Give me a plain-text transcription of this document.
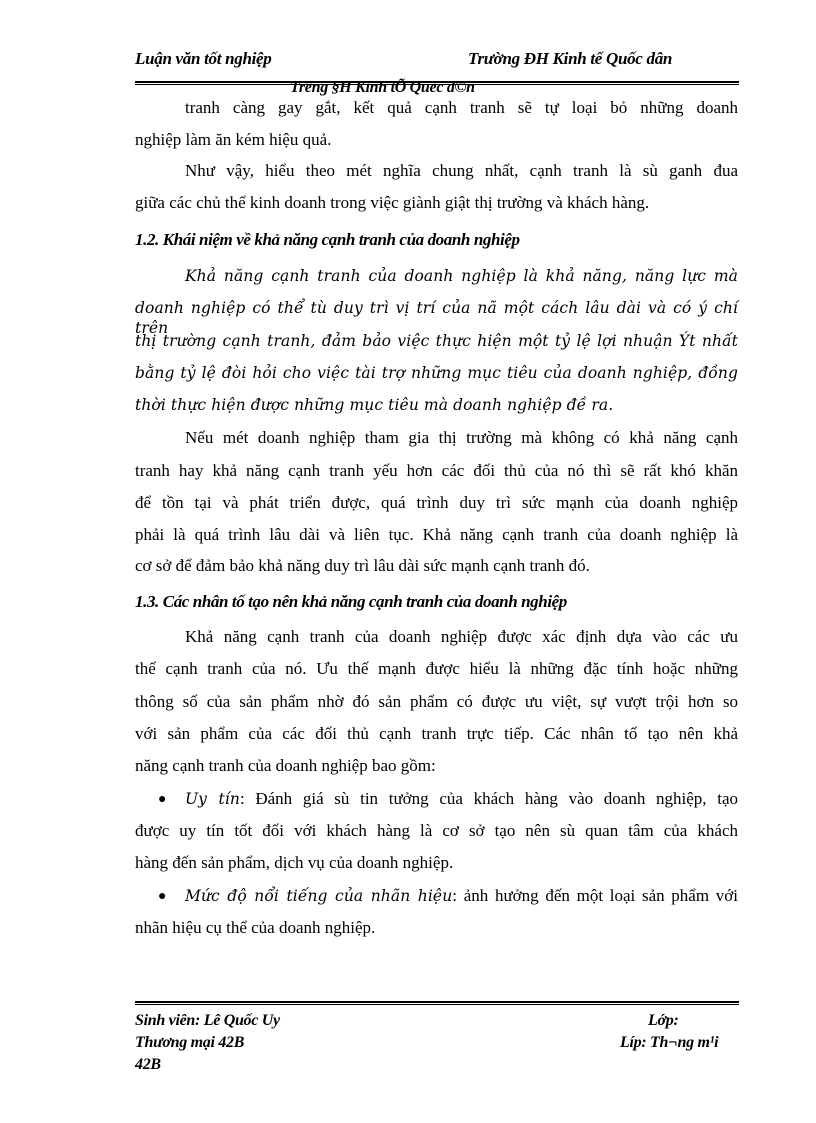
Luận văn tốt nghiệp	Trường ĐH Kinh tế Quốc dân
Trêng §H Kinh tÕ Quèc d©n
tranh càng gay gắt, kết quả cạnh tranh sẽ tự loại bỏ những doanh
nghiệp làm ăn kém hiệu quả.
Như vậy, hiểu theo mét nghĩa chung nhất, cạnh tranh là sù ganh đua
giữa các chủ thể kinh doanh trong việc giành giật thị trường và khách hàng.
1.2. Khái niệm về khả năng cạnh tranh của doanh nghiệp
Khả năng cạnh tranh của doanh nghiệp là khả năng, năng lực mà
doanh nghiệp có thể tù duy trì vị trí của nã một cách lâu dài và có ý chí trên
thị trường cạnh tranh, đảm bảo việc thực hiện một tỷ lệ lợi nhuận Ýt nhất
bằng tỷ lệ đòi hỏi cho việc tài trợ những mục tiêu của doanh nghiệp, đồng
thời thực hiện được những mục tiêu mà doanh nghiệp đề ra.
Nếu mét doanh nghiệp tham gia thị trường mà không có khả năng cạnh
tranh hay khả năng cạnh tranh yếu hơn các đối thủ của nó thì sẽ rất khó khăn
để tồn tại và phát triển được, quá trình duy trì sức mạnh của doanh nghiệp
phải là quá trình lâu dài và liên tục. Khả năng cạnh tranh của doanh nghiệp là
cơ sở để đảm bảo khả năng duy trì lâu dài sức mạnh cạnh tranh đó.
1.3. Các nhân tố tạo nên khả năng cạnh tranh của doanh nghiệp
Khả năng cạnh tranh của doanh nghiệp được xác định dựa vào các ưu
thế cạnh tranh của nó. Ưu thế mạnh được hiểu là những đặc tính hoặc những
thông số của sản phẩm nhờ đó sản phẩm có được ưu việt, sự vượt trội hơn so
với sản phẩm của các đối thủ cạnh tranh trực tiếp. Các nhân tố tạo nên khả
năng cạnh tranh của doanh nghiệp bao gồm:
● Uy tín: Đánh giá sù tin tưởng của khách hàng vào doanh nghiệp, tạo
được uy tín tốt đối với khách hàng là cơ sở tạo nên sù quan tâm của khách
hàng đến sản phẩm, dịch vụ của doanh nghiệp.
● Mức độ nổi tiếng của nhãn hiệu: ảnh hưởng đến một loại sản phẩm với
nhãn hiệu cụ thể của doanh nghiệp.
Sinh viên: Lê Quốc Uy	Lớp:
Thương mại 42B	Líp: Th¬ng m¹i
42B
